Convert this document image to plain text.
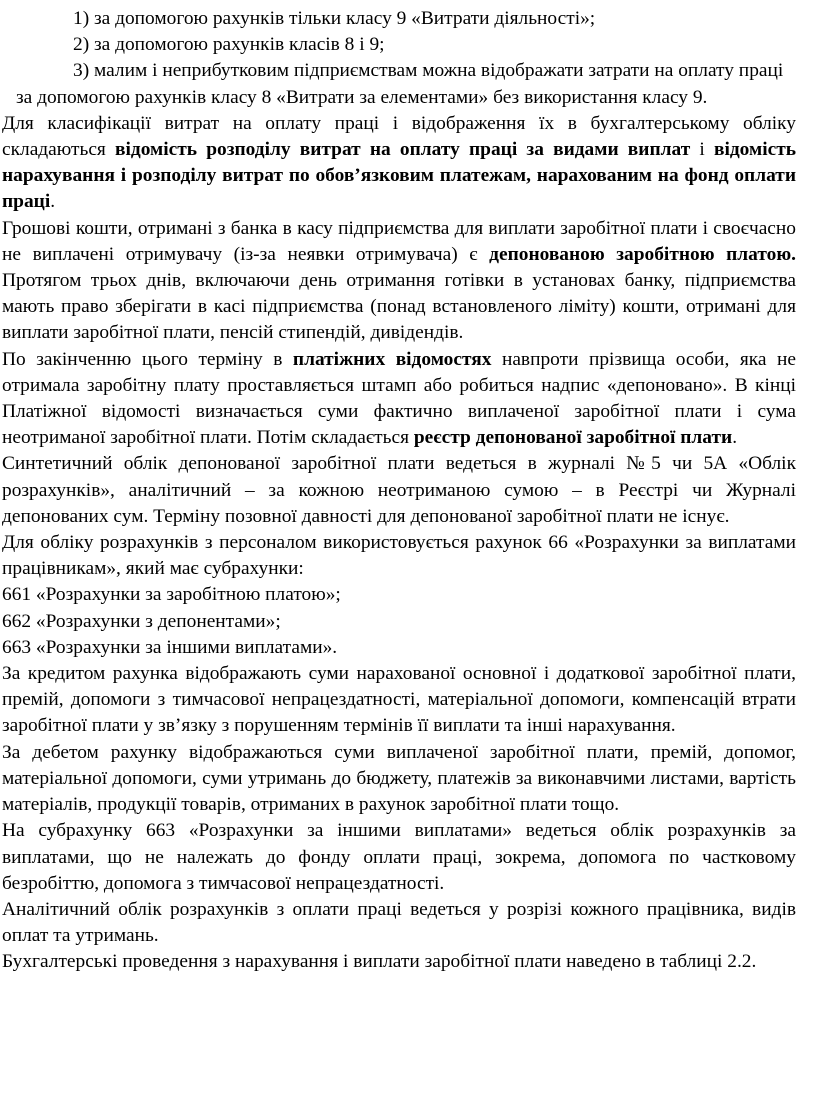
1) за допомогою рахунків тільки класу 9 «Витрати діяльності»;
2) за допомогою рахунків класів 8 і 9;
3) малим і неприбутковим підприємствам можна відображати затрати на оплату праці за допомогою рахунків класу 8 «Витрати за елементами» без використання класу 9.

Для класифікації витрат на оплату праці і відображення їх в бухгалтерському обліку складаються відомість розподілу витрат на оплату праці за видами виплат і відомість нарахування і розподілу витрат по обов’язковим платежам, нарахованим на фонд оплати праці.

Грошові кошти, отримані з банка в касу підприємства для виплати заробітної плати і своєчасно не виплачені отримувачу (із-за неявки отримувача) є депонованою заробітною платою. Протягом трьох днів, включаючи день отримання готівки в установах банку, підприємства мають право зберігати в касі підприємства (понад встановленого ліміту) кошти, отримані для виплати заробітної плати, пенсій стипендій, дивідендів.

По закінченню цього терміну в платіжних відомостях навпроти прізвища особи, яка не отримала заробітну плату проставляється штамп або робиться надпис «депоновано». В кінці Платіжної відомості визначається суми фактично виплаченої заробітної плати і сума неотриманої заробітної плати. Потім складається реєстр депонованої заробітної плати.

Синтетичний облік депонованої заробітної плати ведеться в журналі №5 чи 5А «Облік розрахунків», аналітичний – за кожною неотриманою сумою – в Реєстрі чи Журналі депонованих сум. Терміну позовної давності для депонованої заробітної плати не існує.

Для обліку розрахунків з персоналом використовується рахунок 66 «Розрахунки за виплатами працівникам», який має субрахунки:

661 «Розрахунки за заробітною платою»;

662 «Розрахунки з депонентами»;

663 «Розрахунки за іншими виплатами».

За кредитом рахунка відображають суми нарахованої основної і додаткової заробітної плати, премій, допомоги з тимчасової непрацездатності, матеріальної допомоги, компенсацій втрати заробітної плати у зв’язку з порушенням термінів її виплати та інші нарахування.

За дебетом рахунку відображаються суми виплаченої заробітної плати, премій, допомог, матеріальної допомоги, суми утримань до бюджету, платежів за виконавчими листами, вартість матеріалів, продукції товарів, отриманих в рахунок заробітної плати тощо.

На субрахунку 663 «Розрахунки за іншими виплатами» ведеться облік розрахунків за виплатами, що не належать до фонду оплати праці, зокрема, допомога по частковому безробіттю, допомога з тимчасової непрацездатності.

Аналітичний облік розрахунків з оплати праці ведеться у розрізі кожного працівника, видів оплат та утримань.

Бухгалтерські проведення з нарахування і виплати заробітної плати наведено в таблиці 2.2.
